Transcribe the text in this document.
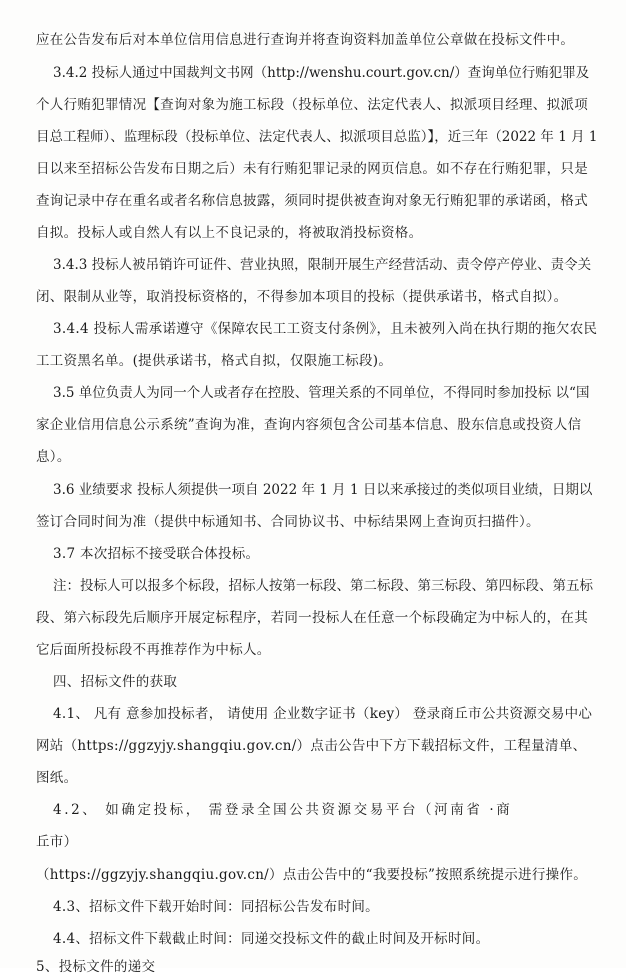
应在公告发布后对本单位信用信息进行查询并将查询资料加盖单位公章做在投标文件中。
3.4.2 投标人通过中国裁判文书网（http://wenshu.court.gov.cn/）查询单位行贿犯罪及
个人行贿犯罪情况【查询对象为施工标段（投标单位、法定代表人、拟派项目经理、拟派项
目总工程师）、监理标段（投标单位、法定代表人、拟派项目总监）】，近三年（2022 年 1 月 1
日以来至招标公告发布日期之后）未有行贿犯罪记录的网页信息。如不存在行贿犯罪，只是
查询记录中存在重名或者名称信息披露，须同时提供被查询对象无行贿犯罪的承诺函，格式
自拟。投标人或自然人有以上不良记录的，将被取消投标资格。
3.4.3 投标人被吊销许可证件、营业执照，限制开展生产经营活动、责令停产停业、责令关
闭、限制从业等，取消投标资格的，不得参加本项目的投标（提供承诺书，格式自拟）。
3.4.4 投标人需承诺遵守《保障农民工工资支付条例》，且未被列入尚在执行期的拖欠农民
工工资黑名单。(提供承诺书，格式自拟，仅限施工标段)。
3.5 单位负责人为同一个人或者存在控股、管理关系的不同单位，不得同时参加投标 以“国
家企业信用信息公示系统”查询为准，查询内容须包含公司基本信息、股东信息或投资人信
息）。
3.6 业绩要求 投标人须提供一项自 2022 年 1 月 1 日以来承接过的类似项目业绩，日期以
签订合同时间为准（提供中标通知书、合同协议书、中标结果网上查询页扫描件）。
3.7 本次招标不接受联合体投标。
注：投标人可以报多个标段，招标人按第一标段、第二标段、第三标段、第四标段、第五标
段、第六标段先后顺序开展定标程序，若同一投标人在任意一个标段确定为中标人的，在其
它后面所投标段不再推荐作为中标人。
四、招标文件的获取
4.1、 凡有 意参加投标者， 请使用 企业数字证书（key） 登录商丘市公共资源交易中心
网站（https://ggzyjy.shangqiu.gov.cn/）点击公告中下方下载招标文件，工程量清单、
图纸。
4.2、 如确定投标， 需登录全国公共资源交易平台（河南省 ·商
丘市）
（https://ggzyjy.shangqiu.gov.cn/）点击公告中的“我要投标”按照系统提示进行操作。
4.3、招标文件下载开始时间：同招标公告发布时间。
4.4、招标文件下载截止时间：同递交投标文件的截止时间及开标时间。
5、投标文件的递交
